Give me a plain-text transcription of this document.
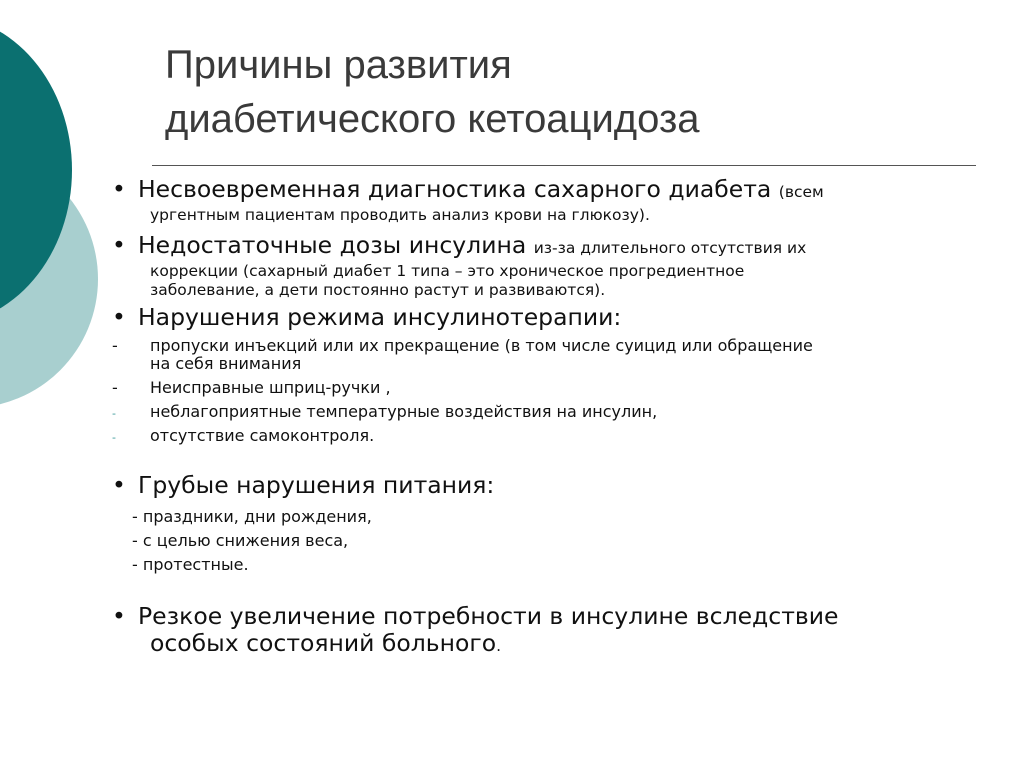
Причины развития
диабетического кетоацидоза
• Несвоевременная диагностика сахарного диабета (всем
ургентным пациентам проводить анализ крови на глюкозу).
• Недостаточные дозы инсулина из-за длительного отсутствия их
коррекции (сахарный диабет 1 типа – это хроническое прогредиентное
заболевание, а дети постоянно растут и развиваются).
• Нарушения режима инсулинотерапии:
- пропуски инъекций или их прекращение (в том числе суицид или обращение
на себя внимания
- Неисправные шприц-ручки ,
- неблагоприятные температурные воздействия на инсулин,
- отсутствие самоконтроля.
• Грубые нарушения питания:
- праздники, дни рождения,
- с целью снижения веса,
- протестные.
• Резкое увеличение потребности в инсулине вследствие
особых состояний больного.
